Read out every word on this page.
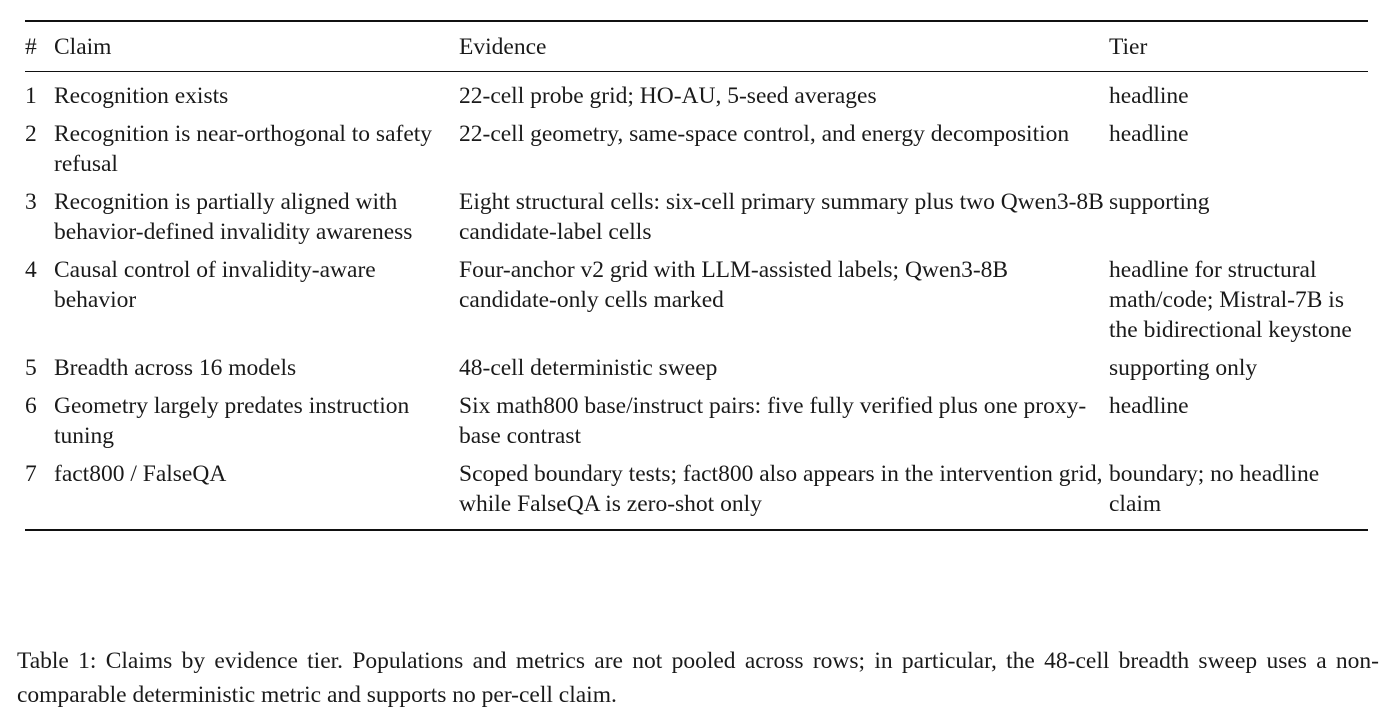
#	Claim	Evidence	Tier
1	Recognition exists	22-cell probe grid; HO-AU, 5-seed averages	headline
2	Recognition is near-orthogonal to safety refusal	22-cell geometry, same-space control, and energy decomposition	headline
3	Recognition is partially aligned with behavior-defined invalidity awareness	Eight structural cells: six-cell primary summary plus two Qwen3-8B candidate-label cells	supporting
4	Causal control of invalidity-aware behavior	Four-anchor v2 grid with LLM-assisted labels; Qwen3-8B candidate-only cells marked	headline for structural math/code; Mistral-7B is the bidirectional keystone
5	Breadth across 16 models	48-cell deterministic sweep	supporting only
6	Geometry largely predates instruction tuning	Six math800 base/instruct pairs: five fully verified plus one proxy-base contrast	headline
7	fact800 / FalseQA	Scoped boundary tests; fact800 also appears in the intervention grid, while FalseQA is zero-shot only	boundary; no headline claim

Table 1: Claims by evidence tier. Populations and metrics are not pooled across rows; in particular, the 48-cell breadth sweep uses a non-comparable deterministic metric and supports no per-cell claim.
